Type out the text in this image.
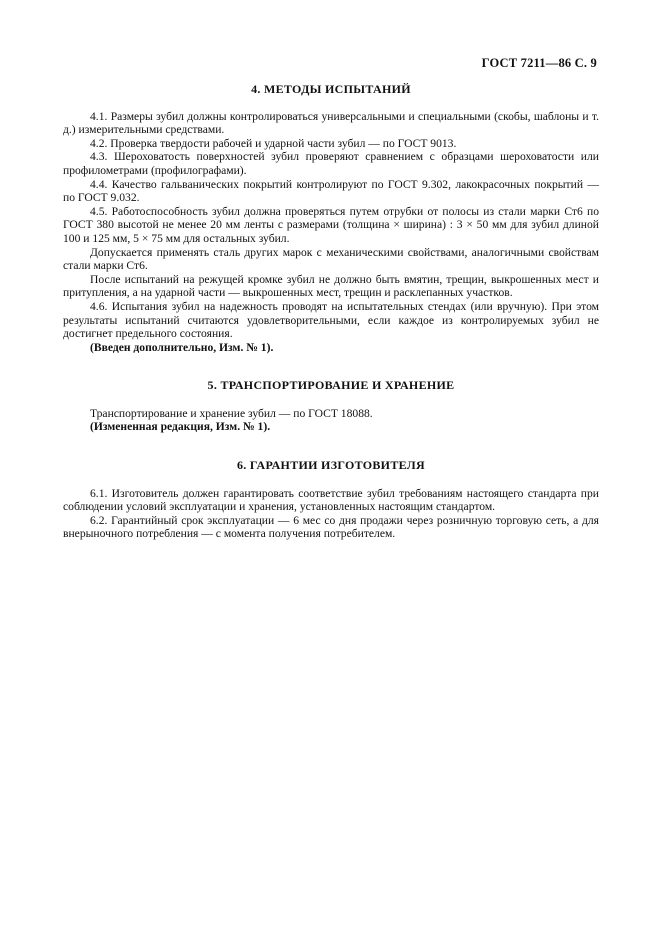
ГОСТ 7211—86 С. 9
4. МЕТОДЫ ИСПЫТАНИЙ

4.1. Размеры зубил должны контролироваться универсальными и специальными (скобы, шаблоны и т. д.) измерительными средствами.

4.2. Проверка твердости рабочей и ударной части зубил — по ГОСТ 9013.

4.3. Шероховатость поверхностей зубил проверяют сравнением с образцами шероховатости или профилометрами (профилографами).

4.4. Качество гальванических покрытий контролируют по ГОСТ 9.302, лакокрасочных покрытий — по ГОСТ 9.032.

4.5. Работоспособность зубил должна проверяться путем отрубки от полосы из стали марки Ст6 по ГОСТ 380 высотой не менее 20 мм ленты с размерами (толщина × ширина) : 3 × 50 мм для зубил длиной 100 и 125 мм, 5 × 75 мм для остальных зубил.

Допускается применять сталь других марок с механическими свойствами, аналогичными свойствам стали марки Ст6.

После испытаний на режущей кромке зубил не должно быть вмятин, трещин, выкрошенных мест и притупления, а на ударной части — выкрошенных мест, трещин и расклепанных участков.

4.6. Испытания зубил на надежность проводят на испытательных стендах (или вручную). При этом результаты испытаний считаются удовлетворительными, если каждое из контролируемых зубил не достигнет предельного состояния.

(Введен дополнительно, Изм. № 1).

5. ТРАНСПОРТИРОВАНИЕ И ХРАНЕНИЕ

Транспортирование и хранение зубил — по ГОСТ 18088.

(Измененная редакция, Изм. № 1).

6. ГАРАНТИИ ИЗГОТОВИТЕЛЯ

6.1. Изготовитель должен гарантировать соответствие зубил требованиям настоящего стандарта при соблюдении условий эксплуатации и хранения, установленных настоящим стандартом.

6.2. Гарантийный срок эксплуатации — 6 мес со дня продажи через розничную торговую сеть, а для внерыночного потребления — с момента получения потребителем.
